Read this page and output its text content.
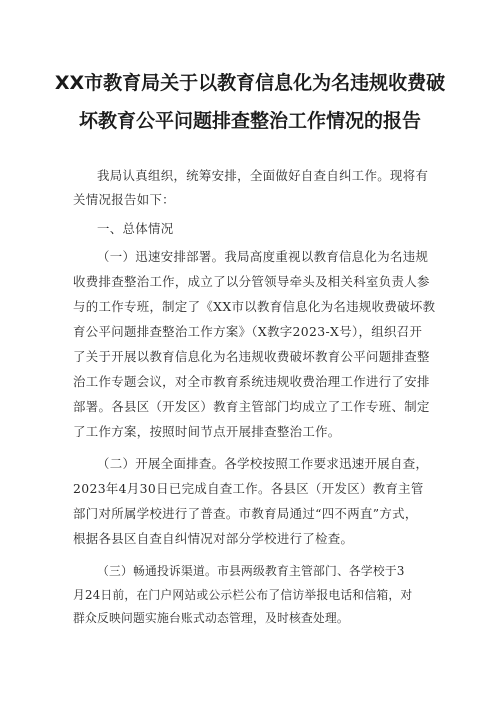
XX市教育局关于以教育信息化为名违规收费破
坏教育公平问题排查整治工作情况的报告
我局认真组织，统筹安排，全面做好自查自纠工作。现将有
关情况报告如下：
一、总体情况
（一）迅速安排部署。我局高度重视以教育信息化为名违规
收费排查整治工作，成立了以分管领导牵头及相关科室负责人参
与的工作专班，制定了《XX市以教育信息化为名违规收费破坏教
育公平问题排查整治工作方案》（X教字2023-X号），组织召开
了关于开展以教育信息化为名违规收费破坏教育公平问题排查整
治工作专题会议，对全市教育系统违规收费治理工作进行了安排
部署。各县区（开发区）教育主管部门均成立了工作专班、制定
了工作方案，按照时间节点开展排查整治工作。
（二）开展全面排查。各学校按照工作要求迅速开展自查，
2023年4月30日已完成自查工作。各县区（开发区）教育主管
部门对所属学校进行了普查。市教育局通过“四不两直”方式，
根据各县区自查自纠情况对部分学校进行了检查。
（三）畅通投诉渠道。市县两级教育主管部门、各学校于3
月24日前，在门户网站或公示栏公布了信访举报电话和信箱，对
群众反映问题实施台账式动态管理，及时核查处理。
